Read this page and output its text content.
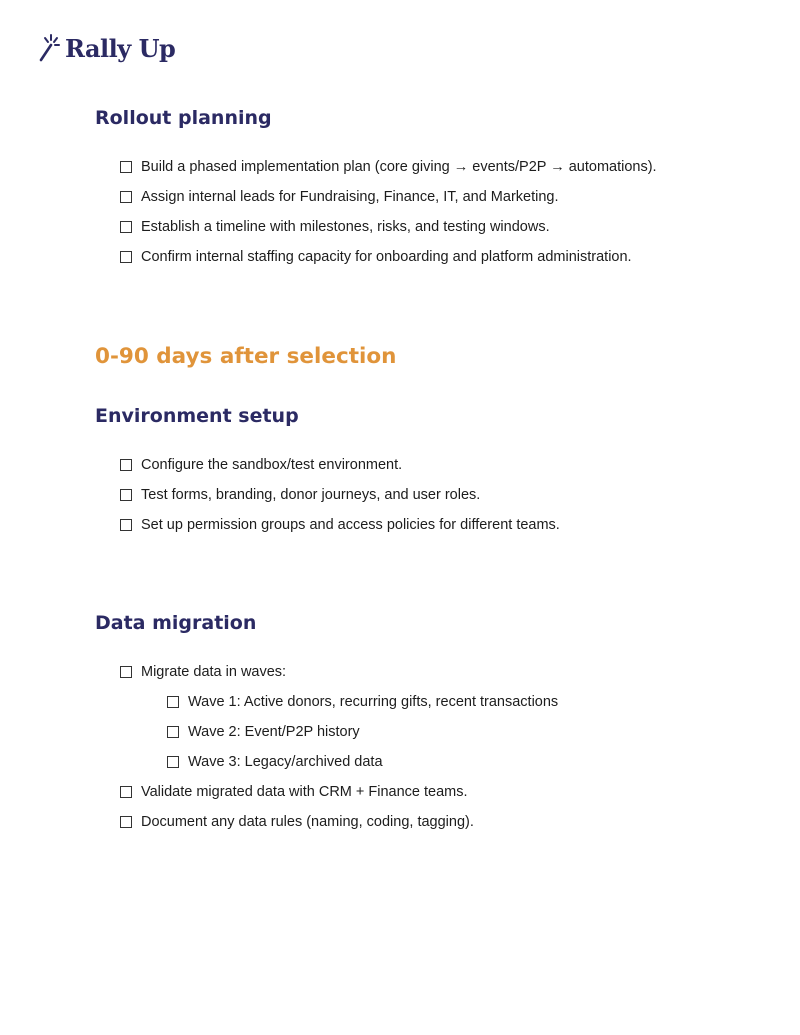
Rally Up
Rollout planning
Build a phased implementation plan (core giving → events/P2P → automations).
Assign internal leads for Fundraising, Finance, IT, and Marketing.
Establish a timeline with milestones, risks, and testing windows.
Confirm internal staffing capacity for onboarding and platform administration.
0-90 days after selection
Environment setup
Configure the sandbox/test environment.
Test forms, branding, donor journeys, and user roles.
Set up permission groups and access policies for different teams.
Data migration
Migrate data in waves:
Wave 1: Active donors, recurring gifts, recent transactions
Wave 2: Event/P2P history
Wave 3: Legacy/archived data
Validate migrated data with CRM + Finance teams.
Document any data rules (naming, coding, tagging).
